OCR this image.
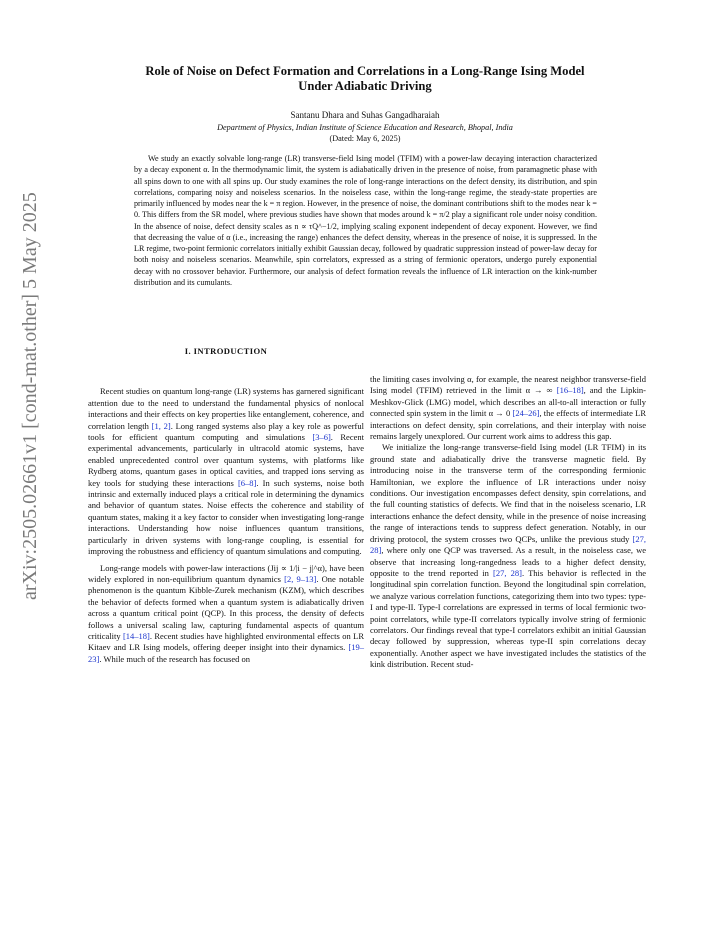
arXiv:2505.02661v1 [cond-mat.other] 5 May 2025
Role of Noise on Defect Formation and Correlations in a Long-Range Ising Model
Under Adiabatic Driving
Santanu Dhara and Suhas Gangadharaiah
Department of Physics, Indian Institute of Science Education and Research, Bhopal, India
(Dated: May 6, 2025)
We study an exactly solvable long-range (LR) transverse-field Ising model (TFIM) with a power-law decaying interaction characterized by a decay exponent α. In the thermodynamic limit, the system is adiabatically driven in the presence of noise, from paramagnetic phase with all spins down to one with all spins up. Our study examines the role of long-range interactions on the defect density, its distribution, and spin correlations, comparing noisy and noiseless scenarios. In the noiseless case, within the long-range regime, the steady-state properties are primarily influenced by modes near the k = π region. However, in the presence of noise, the dominant contributions shift to the modes near k = 0. This differs from the SR model, where previous studies have shown that modes around k = π/2 play a significant role under noisy condition. In the absence of noise, defect density scales as n ∝ τQ^−1/2, implying scaling exponent independent of decay exponent. However, we find that decreasing the value of α (i.e., increasing the range) enhances the defect density, whereas in the presence of noise, it is suppressed. In the LR regime, two-point fermionic correlators initially exhibit Gaussian decay, followed by quadratic suppression instead of power-law decay for both noisy and noiseless scenarios. Meanwhile, spin correlators, expressed as a string of fermionic operators, undergo purely exponential decay with no crossover behavior. Furthermore, our analysis of defect formation reveals the influence of LR interaction on the kink-number distribution and its cumulants.
I. INTRODUCTION

Recent studies on quantum long-range (LR) systems has garnered significant attention due to the need to understand the fundamental physics of nonlocal interactions and their effects on key properties like entanglement, coherence, and correlation length [1, 2]. Long ranged systems also play a key role as powerful tools for efficient quantum computing and simulations [3–6]. Recent experimental advancements, particularly in ultracold atomic systems, have enabled unprecedented control over quantum systems, with platforms like Rydberg atoms, quantum gases in optical cavities, and trapped ions serving as key tools for studying these interactions [6–8]. In such systems, noise both intrinsic and externally induced plays a critical role in determining the dynamics and behavior of quantum states. Noise effects the coherence and stability of quantum states, making it a key factor to consider when investigating long-range interactions. Understanding how noise influences quantum transitions, particularly in driven systems with long-range coupling, is essential for improving the robustness and efficiency of quantum simulations and computing.

Long-range models with power-law interactions (Jij ∝ 1/|i − j|^α), have been widely explored in non-equilibrium quantum dynamics [2, 9–13]. One notable phenomenon is the quantum Kibble-Zurek mechanism (KZM), which describes the behavior of defects formed when a quantum system is adiabatically driven across a quantum critical point (QCP). In this process, the density of defects follows a universal scaling law, capturing fundamental aspects of quantum criticality [14–18]. Recent studies have highlighted environmental effects on LR Kitaev and LR Ising models, offering deeper insight into their dynamics. [19–23]. While much of the research has focused on

the limiting cases involving α, for example, the nearest neighbor transverse-field Ising model (TFIM) retrieved in the limit α → ∞ [16–18], and the Lipkin-Meshkov-Glick (LMG) model, which describes an all-to-all interaction or fully connected spin system in the limit α → 0 [24–26], the effects of intermediate LR interactions on defect density, spin correlations, and their interplay with noise remains largely unexplored. Our current work aims to address this gap.

We initialize the long-range transverse-field Ising model (LR TFIM) in its ground state and adiabatically drive the transverse magnetic field. By introducing noise in the transverse term of the corresponding fermionic Hamiltonian, we explore the influence of LR interactions under noisy conditions. Our investigation encompasses defect density, spin correlations, and the full counting statistics of defects. We find that in the noiseless scenario, LR interactions enhance the defect density, while in the presence of noise increasing the range of interactions tends to suppress defect generation. Notably, in our driving protocol, the system crosses two QCPs, unlike the previous study [27, 28], where only one QCP was traversed. As a result, in the noiseless case, we observe that increasing long-rangedness leads to a higher defect density, opposite to the trend reported in [27, 28]. This behavior is reflected in the longitudinal spin correlation function. Beyond the longitudinal spin correlation, we analyze various correlation functions, categorizing them into two types: type-I and type-II. Type-I correlations are expressed in terms of local fermionic two-point correlators, while type-II correlators typically involve string of fermionic correlators. Our findings reveal that type-I correlators exhibit an initial Gaussian decay followed by suppression, whereas type-II spin correlations decay exponentially. Another aspect we have investigated includes the statistics of the kink distribution. Recent stud-
